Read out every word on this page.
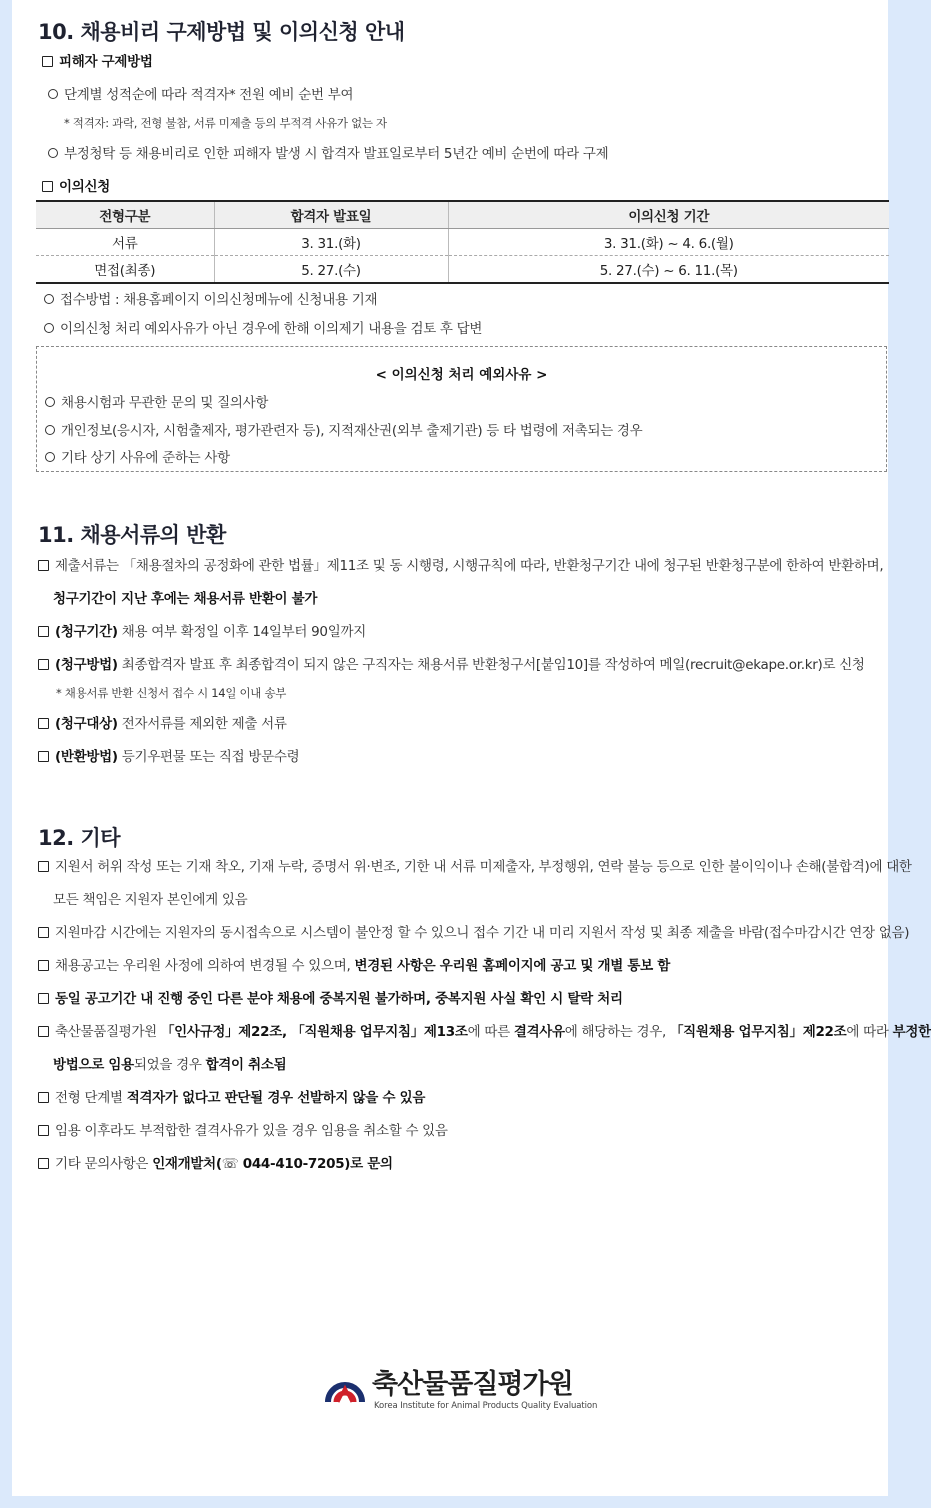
10. 채용비리 구제방법 및 이의신청 안내

피해자 구제방법

단계별 성적순에 따라 적격자* 전원 예비 순번 부여

* 적격자: 과락, 전형 불참, 서류 미제출 등의 부적격 사유가 없는 자

부정청탁 등 채용비리로 인한 피해자 발생 시 합격자 발표일로부터 5년간 예비 순번에 따라 구제

이의신청

전형구분	합격자 발표일	이의신청 기간
서류	3. 31.(화)	3. 31.(화) ~ 4. 6.(월)
면접(최종)	5. 27.(수)	5. 27.(수) ~ 6. 11.(목)

접수방법 : 채용홈페이지 이의신청메뉴에 신청내용 기재

이의신청 처리 예외사유가 아닌 경우에 한해 이의제기 내용을 검토 후 답변

< 이의신청 처리 예외사유 >
채용시험과 무관한 문의 및 질의사항
개인정보(응시자, 시험출제자, 평가관련자 등), 지적재산권(외부 출제기관) 등 타 법령에 저촉되는 경우
기타 상기 사유에 준하는 사항
11. 채용서류의 반환

제출서류는 「채용절차의 공정화에 관한 법률」제11조 및 동 시행령, 시행규칙에 따라, 반환청구기간 내에 청구된 반환청구분에 한하여 반환하며,

청구기간이 지난 후에는 채용서류 반환이 불가

(청구기간) 채용 여부 확정일 이후 14일부터 90일까지

(청구방법) 최종합격자 발표 후 최종합격이 되지 않은 구직자는 채용서류 반환청구서[붙임10]를 작성하여 메일(recruit@ekape.or.kr)로 신청

* 채용서류 반환 신청서 접수 시 14일 이내 송부

(청구대상) 전자서류를 제외한 제출 서류

(반환방법) 등기우편물 또는 직접 방문수령

12. 기타

지원서 허위 작성 또는 기재 착오, 기재 누락, 증명서 위·변조, 기한 내 서류 미제출자, 부정행위, 연락 불능 등으로 인한 불이익이나 손해(불합격)에 대한

모든 책임은 지원자 본인에게 있음

지원마감 시간에는 지원자의 동시접속으로 시스템이 불안정 할 수 있으니 접수 기간 내 미리 지원서 작성 및 최종 제출을 바람(접수마감시간 연장 없음)

채용공고는 우리원 사정에 의하여 변경될 수 있으며, 변경된 사항은 우리원 홈페이지에 공고 및 개별 통보 함

동일 공고기간 내 진행 중인 다른 분야 채용에 중복지원 불가하며, 중복지원 사실 확인 시 탈락 처리

축산물품질평가원 「인사규정」제22조, 「직원채용 업무지침」제13조에 따른 결격사유에 해당하는 경우, 「직원채용 업무지침」제22조에 따라 부정한

방법으로 임용되었을 경우 합격이 취소됨

전형 단계별 적격자가 없다고 판단될 경우 선발하지 않을 수 있음

임용 이후라도 부적합한 결격사유가 있을 경우 임용을 취소할 수 있음

기타 문의사항은 인재개발처(☏ 044-410-7205)로 문의

축산물품질평가원
Korea Institute for Animal Products Quality Evaluation
